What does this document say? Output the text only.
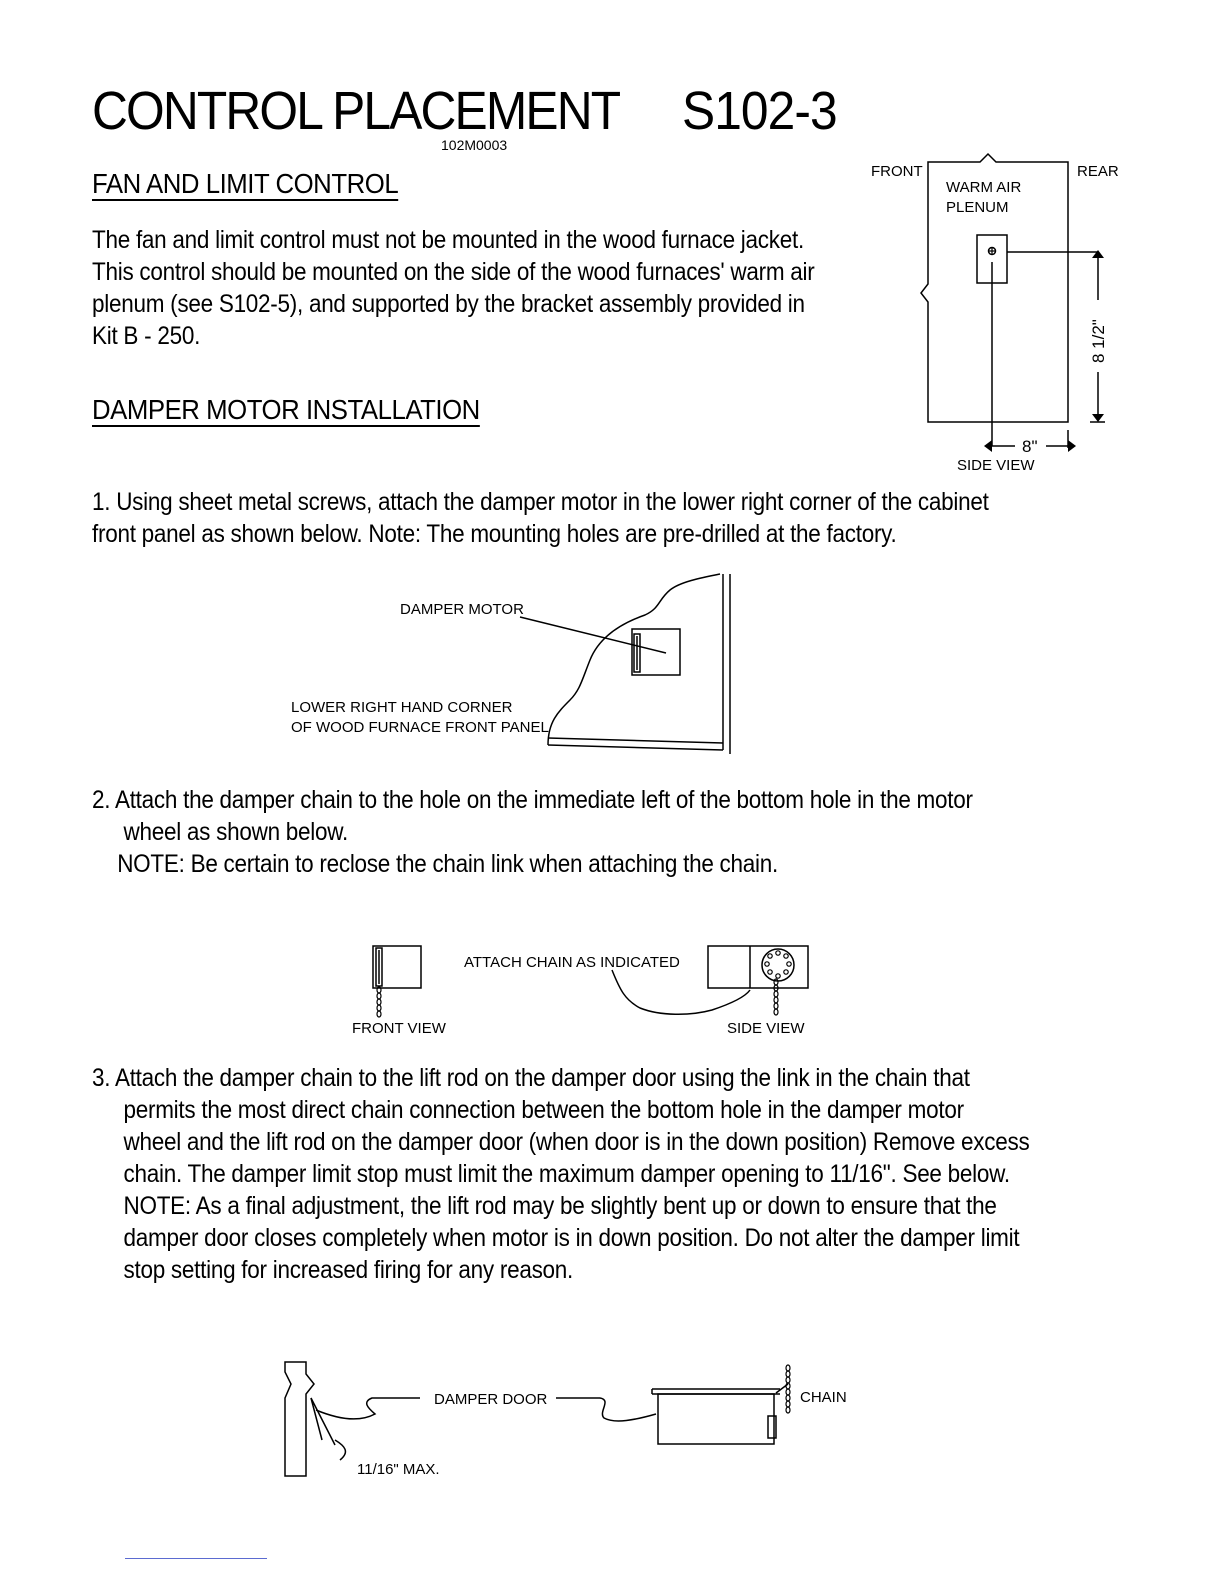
CONTROL PLACEMENT S102-3
102M0003
FAN AND LIMIT CONTROL
The fan and limit control must not be mounted in the wood furnace jacket.
This control should be mounted on the side of the wood furnaces' warm air
plenum (see S102-5), and supported by the bracket assembly provided in
Kit B - 250.
FRONT	REAR
WARM AIR
PLENUM
8 1/2"
8"
SIDE VIEW
DAMPER MOTOR INSTALLATION
1. Using sheet metal screws, attach the damper motor in the lower right corner of the cabinet
front panel as shown below. Note: The mounting holes are pre-drilled at the factory.
DAMPER MOTOR
LOWER RIGHT HAND CORNER
OF WOOD FURNACE FRONT PANEL
2. Attach the damper chain to the hole on the immediate left of the bottom hole in the motor
wheel as shown below.
NOTE: Be certain to reclose the chain link when attaching the chain.
ATTACH CHAIN AS INDICATED
FRONT VIEW	SIDE VIEW
3. Attach the damper chain to the lift rod on the damper door using the link in the chain that
permits the most direct chain connection between the bottom hole in the damper motor
wheel and the lift rod on the damper door (when door is in the down position) Remove excess
chain. The damper limit stop must limit the maximum damper opening to 11/16". See below.
NOTE: As a final adjustment, the lift rod may be slightly bent up or down to ensure that the
damper door closes completely when motor is in down position. Do not alter the damper limit
stop setting for increased firing for any reason.
DAMPER DOOR	CHAIN
11/16" MAX.
